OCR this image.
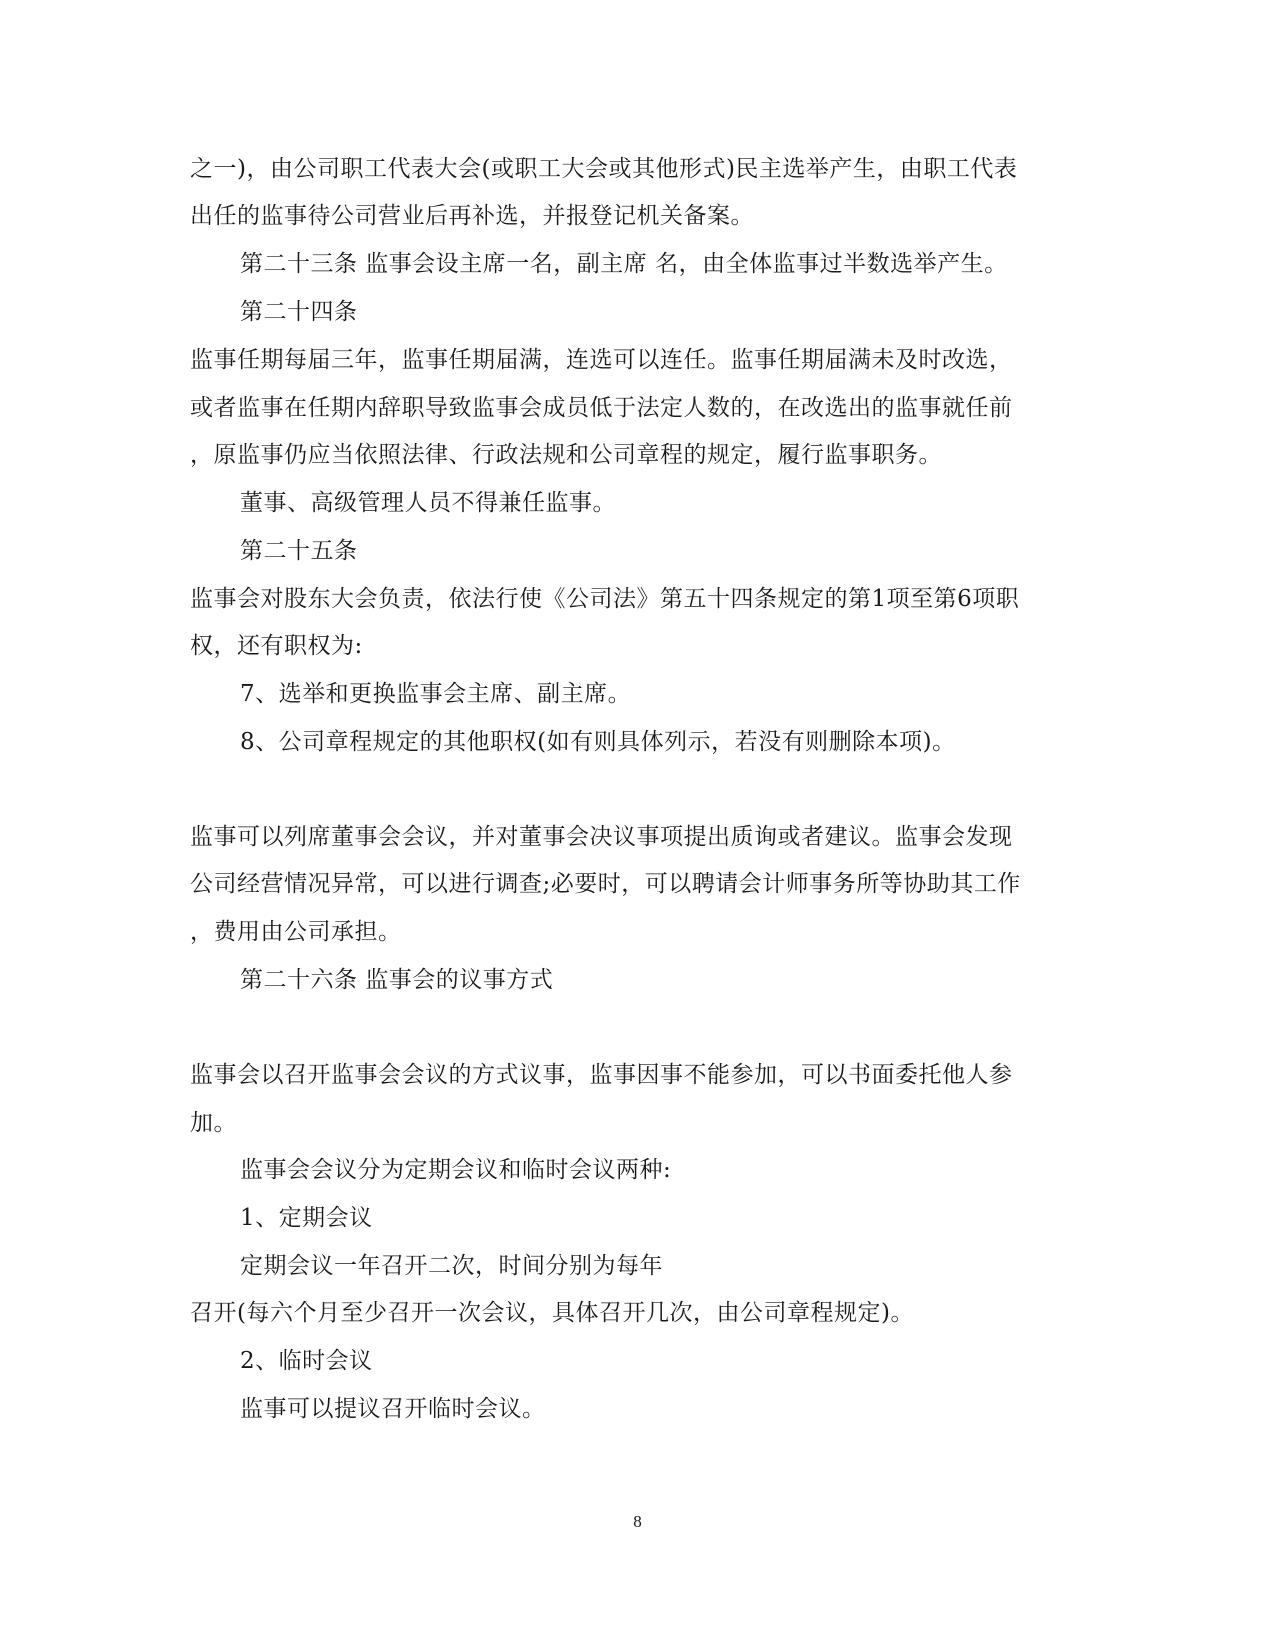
之一)，由公司职工代表大会(或职工大会或其他形式)民主选举产生，由职工代表
出任的监事待公司营业后再补选，并报登记机关备案。
第二十三条 监事会设主席一名，副主席 名，由全体监事过半数选举产生。
第二十四条
监事任期每届三年，监事任期届满，连选可以连任。监事任期届满未及时改选，
或者监事在任期内辞职导致监事会成员低于法定人数的，在改选出的监事就任前
，原监事仍应当依照法律、行政法规和公司章程的规定，履行监事职务。
董事、高级管理人员不得兼任监事。
第二十五条
监事会对股东大会负责，依法行使《公司法》第五十四条规定的第1项至第6项职
权，还有职权为:
7、选举和更换监事会主席、副主席。
8、公司章程规定的其他职权(如有则具体列示，若没有则删除本项)。
监事可以列席董事会会议，并对董事会决议事项提出质询或者建议。监事会发现
公司经营情况异常，可以进行调查;必要时，可以聘请会计师事务所等协助其工作
，费用由公司承担。
第二十六条 监事会的议事方式
监事会以召开监事会会议的方式议事，监事因事不能参加，可以书面委托他人参
加。
监事会会议分为定期会议和临时会议两种:
1、定期会议
定期会议一年召开二次，时间分别为每年
召开(每六个月至少召开一次会议，具体召开几次，由公司章程规定)。
2、临时会议
监事可以提议召开临时会议。
8
